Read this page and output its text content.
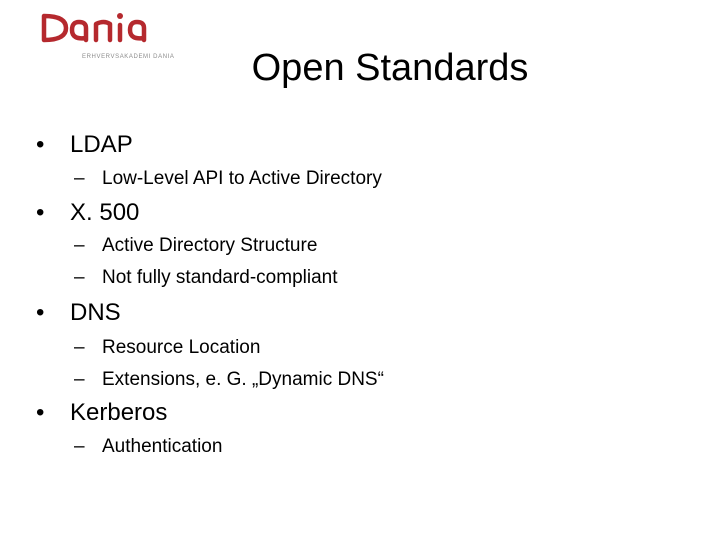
ERHVERVSAKADEMI DANIA	Open Standards
• LDAP
– Low-Level API to Active Directory
• X. 500
– Active Directory Structure
– Not fully standard-compliant
• DNS
– Resource Location
– Extensions, e. G. „Dynamic DNS“
• Kerberos
– Authentication
